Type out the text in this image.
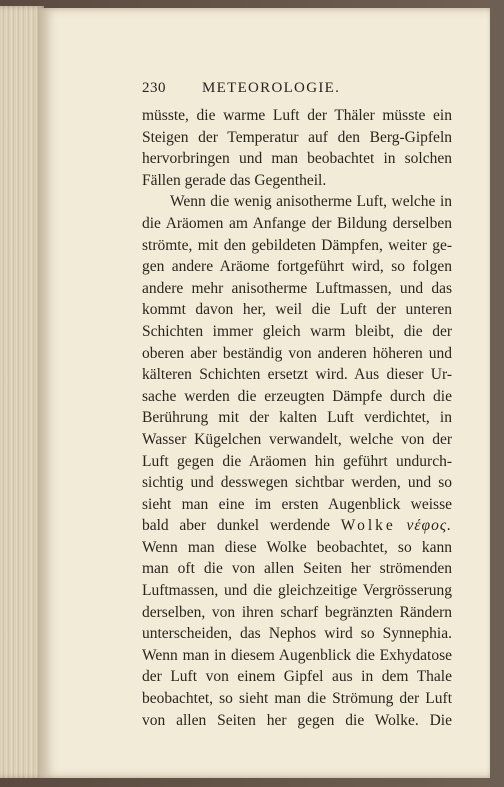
230 METEOROLOGIE.
müsste, die warme Luft der Thäler müsste ein
Steigen der Temperatur auf den Berg-Gipfeln
hervorbringen und man beobachtet in solchen
Fällen gerade das Gegentheil.
Wenn die wenig anisotherme Luft, welche in
die Aräomen am Anfange der Bildung derselben
strömte, mit den gebildeten Dämpfen, weiter ge-
gen andere Aräome fortgeführt wird, so folgen
andere mehr anisotherme Luftmassen, und das
kommt davon her, weil die Luft der unteren
Schichten immer gleich warm bleibt, die der
oberen aber beständig von anderen höheren und
kälteren Schichten ersetzt wird. Aus dieser Ur-
sache werden die erzeugten Dämpfe durch die
Berührung mit der kalten Luft verdichtet, in
Wasser Kügelchen verwandelt, welche von der
Luft gegen die Aräomen hin geführt undurch-
sichtig und desswegen sichtbar werden, und so
sieht man eine im ersten Augenblick weisse
bald aber dunkel werdende Wolke νέφος.
Wenn man diese Wolke beobachtet, so kann
man oft die von allen Seiten her strömenden
Luftmassen, und die gleichzeitige Vergrösserung
derselben, von ihren scharf begränzten Rändern
unterscheiden, das Nephos wird so Synnephia.
Wenn man in diesem Augenblick die Exhydatose
der Luft von einem Gipfel aus in dem Thale
beobachtet, so sieht man die Strömung der Luft
von allen Seiten her gegen die Wolke. Die
